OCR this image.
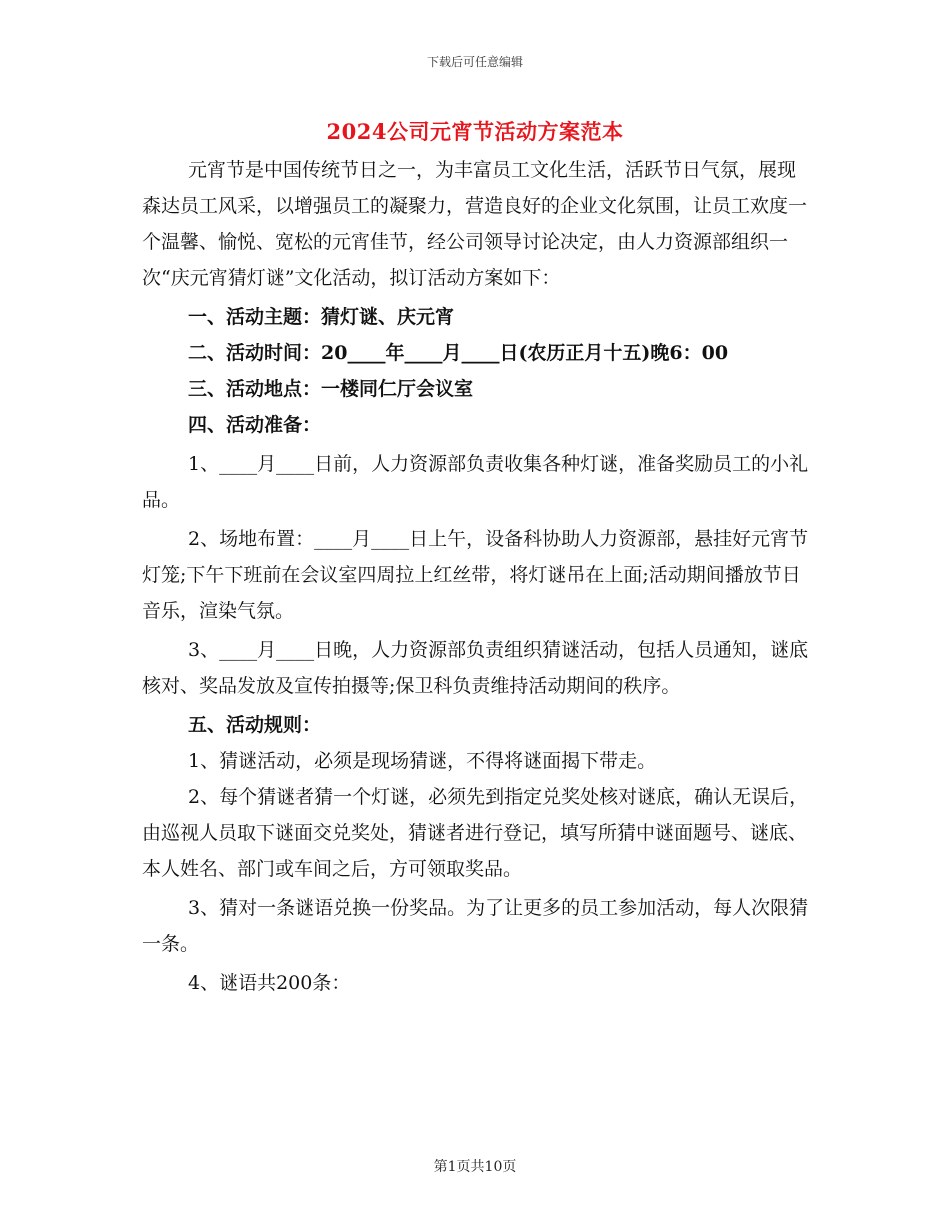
下载后可任意编辑
2024公司元宵节活动方案范本

元宵节是中国传统节日之一，为丰富员工文化生活，活跃节日气氛，展现森达员工风采，以增强员工的凝聚力，营造良好的企业文化氛围，让员工欢度一个温馨、愉悦、宽松的元宵佳节，经公司领导讨论决定，由人力资源部组织一次“庆元宵猜灯谜”文化活动，拟订活动方案如下：

一、活动主题：猜灯谜、庆元宵

二、活动时间：20____年____月____日(农历正月十五)晚6：00

三、活动地点：一楼同仁厅会议室

四、活动准备：

1、____月____日前，人力资源部负责收集各种灯谜，准备奖励员工的小礼品。

2、场地布置：____月____日上午，设备科协助人力资源部，悬挂好元宵节灯笼;下午下班前在会议室四周拉上红丝带，将灯谜吊在上面;活动期间播放节日音乐，渲染气氛。

3、____月____日晚，人力资源部负责组织猜谜活动，包括人员通知，谜底核对、奖品发放及宣传拍摄等;保卫科负责维持活动期间的秩序。

五、活动规则：

1、猜谜活动，必须是现场猜谜，不得将谜面揭下带走。

2、每个猜谜者猜一个灯谜，必须先到指定兑奖处核对谜底，确认无误后，由巡视人员取下谜面交兑奖处，猜谜者进行登记，填写所猜中谜面题号、谜底、本人姓名、部门或车间之后，方可领取奖品。

3、猜对一条谜语兑换一份奖品。为了让更多的员工参加活动，每人次限猜一条。

4、谜语共200条：

第1页共10页
